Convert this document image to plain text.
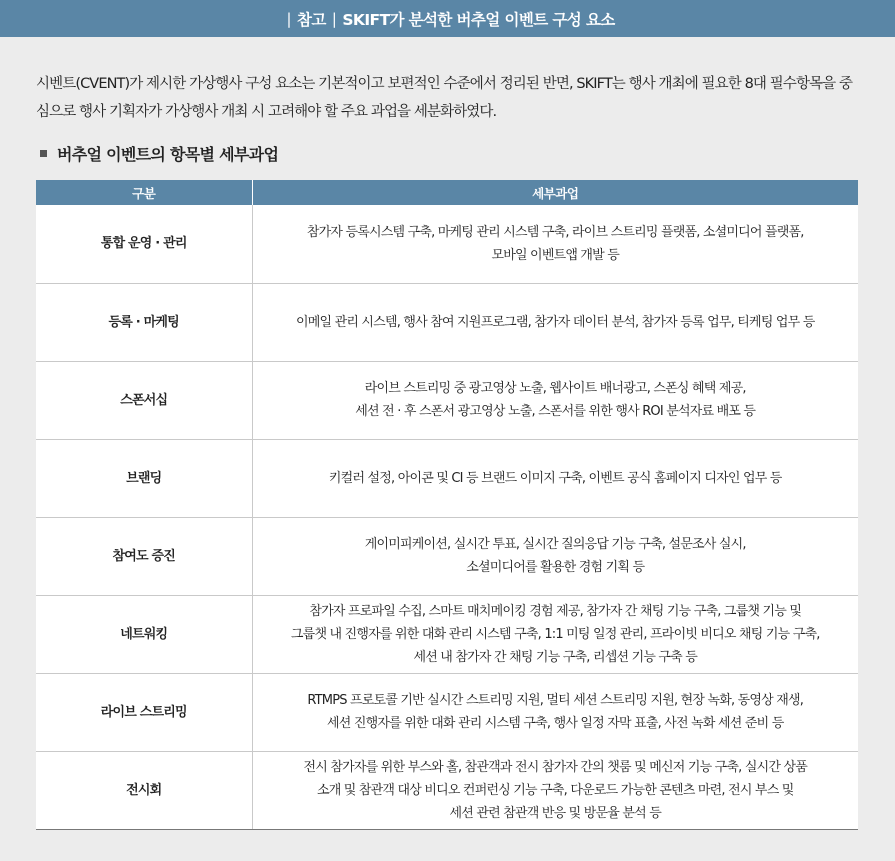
| 참고 | SKIFT가 분석한 버추얼 이벤트 구성 요소

시벤트(CVENT)가 제시한 가상행사 구성 요소는 기본적이고 보편적인 수준에서 정리된 반면, SKIFT는 행사 개최에 필요한 8대 필수항목을 중심으로 행사 기획자가 가상행사 개최 시 고려해야 할 주요 과업을 세분화하였다.

버추얼 이벤트의 항목별 세부과업
구분	세부과업
통합 운영 · 관리	참가자 등록시스템 구축, 마케팅 관리 시스템 구축, 라이브 스트리밍 플랫폼, 소셜미디어 플랫폼,
모바일 이벤트앱 개발 등

등록 · 마케팅	이메일 관리 시스템, 행사 참여 지원프로그램, 참가자 데이터 분석, 참가자 등록 업무, 티케팅 업무 등

스폰서십	라이브 스트리밍 중 광고영상 노출, 웹사이트 배너광고, 스폰싱 혜택 제공,
세션 전 · 후 스폰서 광고영상 노출, 스폰서를 위한 행사 ROI 분석자료 배포 등

브랜딩	키컬러 설정, 아이콘 및 CI 등 브랜드 이미지 구축, 이벤트 공식 홈페이지 디자인 업무 등

참여도 증진	게이미피케이션, 실시간 투표, 실시간 질의응답 기능 구축, 설문조사 실시,
소셜미디어를 활용한 경험 기획 등

네트워킹	참가자 프로파일 수집, 스마트 매치메이킹 경험 제공, 참가자 간 채팅 기능 구축, 그룹챗 기능 및
그룹챗 내 진행자를 위한 대화 관리 시스템 구축, 1:1 미팅 일정 관리, 프라이빗 비디오 채팅 기능 구축,
세션 내 참가자 간 채팅 기능 구축, 리셉션 기능 구축 등

라이브 스트리밍	RTMPS 프로토콜 기반 실시간 스트리밍 지원, 멀티 세션 스트리밍 지원, 현장 녹화, 동영상 재생,
세션 진행자를 위한 대화 관리 시스템 구축, 행사 일정 자막 표출, 사전 녹화 세션 준비 등

전시회	전시 참가자를 위한 부스와 홀, 참관객과 전시 참가자 간의 챗룸 및 메신저 기능 구축, 실시간 상품
소개 및 참관객 대상 비디오 컨퍼런싱 기능 구축, 다운로드 가능한 콘텐츠 마련, 전시 부스 및
세션 관련 참관객 반응 및 방문율 분석 등
